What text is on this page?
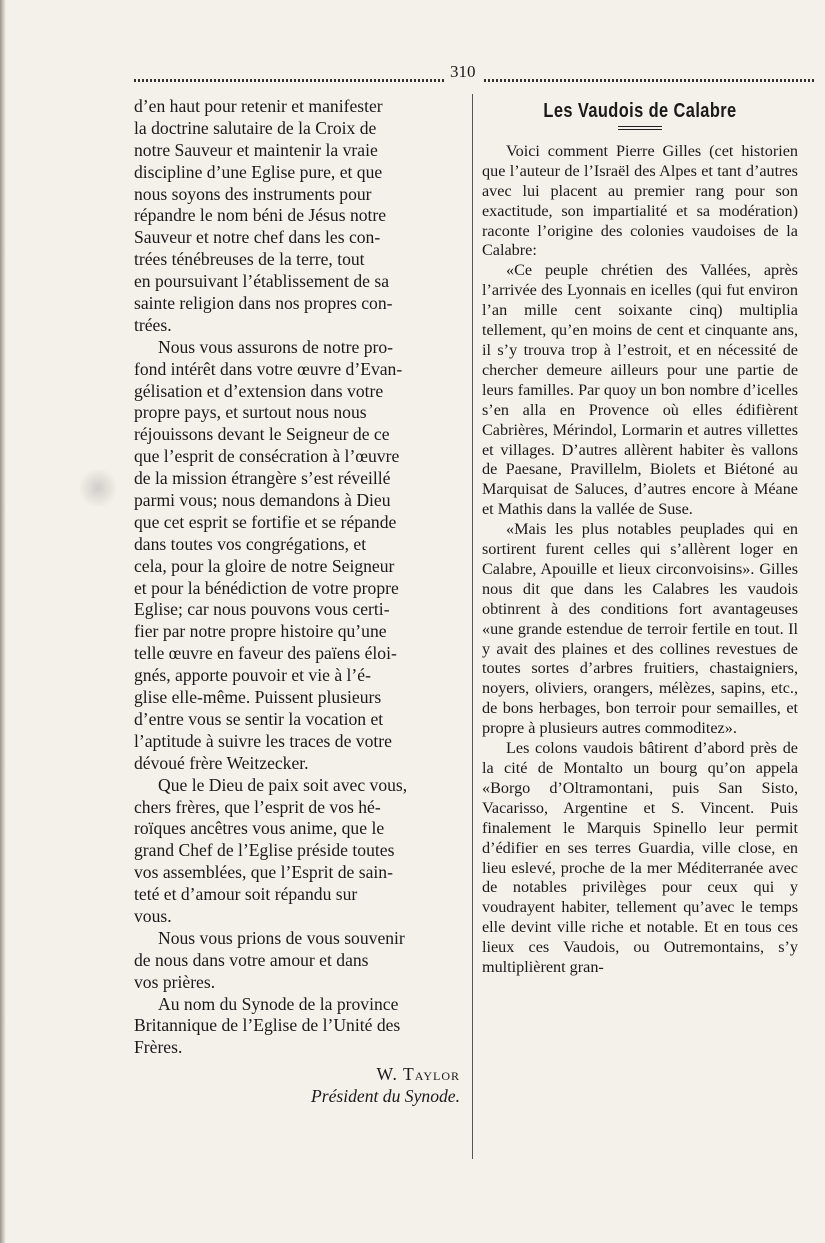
310
d’en haut pour retenir et manifester
la doctrine salutaire de la Croix de
notre Sauveur et maintenir la vraie
discipline d’une Eglise pure, et que
nous soyons des instruments pour
répandre le nom béni de Jésus notre
Sauveur et notre chef dans les con-
trées ténébreuses de la terre, tout
en poursuivant l’établissement de sa
sainte religion dans nos propres con-
trées.
Nous vous assurons de notre pro-
fond intérêt dans votre œuvre d’Evan-
gélisation et d’extension dans votre
propre pays, et surtout nous nous
réjouissons devant le Seigneur de ce
que l’esprit de consécration à l’œuvre
de la mission étrangère s’est réveillé
parmi vous; nous demandons à Dieu
que cet esprit se fortifie et se répande
dans toutes vos congrégations, et
cela, pour la gloire de notre Seigneur
et pour la bénédiction de votre propre
Eglise; car nous pouvons vous certi-
fier par notre propre histoire qu’une
telle œuvre en faveur des païens éloi-
gnés, apporte pouvoir et vie à l’é-
glise elle-même. Puissent plusieurs
d’entre vous se sentir la vocation et
l’aptitude à suivre les traces de votre
dévoué frère Weitzecker.
Que le Dieu de paix soit avec vous,
chers frères, que l’esprit de vos hé-
roïques ancêtres vous anime, que le
grand Chef de l’Eglise préside toutes
vos assemblées, que l’Esprit de sain-
teté et d’amour soit répandu sur
vous.
Nous vous prions de vous souvenir
de nous dans votre amour et dans
vos prières.
Au nom du Synode de la province
Britannique de l’Eglise de l’Unité des
Frères.
W. Taylor
Président du Synode.
Les Vaudois de Calabre

Voici comment Pierre Gilles (cet historien que l’auteur de l’Israël des Alpes et tant d’autres avec lui placent au premier rang pour son exactitude, son impartialité et sa modération) raconte l’origine des colonies vaudoises de la Calabre:

«Ce peuple chrétien des Vallées, après l’arrivée des Lyonnais en icelles (qui fut environ l’an mille cent soixante cinq) multiplia tellement, qu’en moins de cent et cinquante ans, il s’y trouva trop à l’estroit, et en nécessité de chercher demeure ailleurs pour une partie de leurs familles. Par quoy un bon nombre d’icelles s’en alla en Provence où elles édifièrent Cabrières, Mérindol, Lormarin et autres villettes et villages. D’autres allèrent habiter ès vallons de Paesane, Pravillelm, Biolets et Biétoné au Marquisat de Saluces, d’autres encore à Méane et Mathis dans la vallée de Suse.

«Mais les plus notables peuplades qui en sortirent furent celles qui s’allèrent loger en Calabre, Apouille et lieux circonvoisins». Gilles nous dit que dans les Calabres les vaudois obtinrent à des conditions fort avantageuses «une grande estendue de terroir fertile en tout. Il y avait des plaines et des collines revestues de toutes sortes d’arbres fruitiers, chastaigniers, noyers, oliviers, orangers, mélèzes, sapins, etc., de bons herbages, bon terroir pour semailles, et propre à plusieurs autres commoditez».

Les colons vaudois bâtirent d’abord près de la cité de Montalto un bourg qu’on appela «Borgo d’Oltramontani, puis San Sisto, Vacarisso, Argentine et S. Vincent. Puis finalement le Marquis Spinello leur permit d’édifier en ses terres Guardia, ville close, en lieu eslevé, proche de la mer Méditerranée avec de notables privilèges pour ceux qui y voudrayent habiter, tellement qu’avec le temps elle devint ville riche et notable. Et en tous ces lieux ces Vaudois, ou Outremontains, s’y multiplièrent gran-
